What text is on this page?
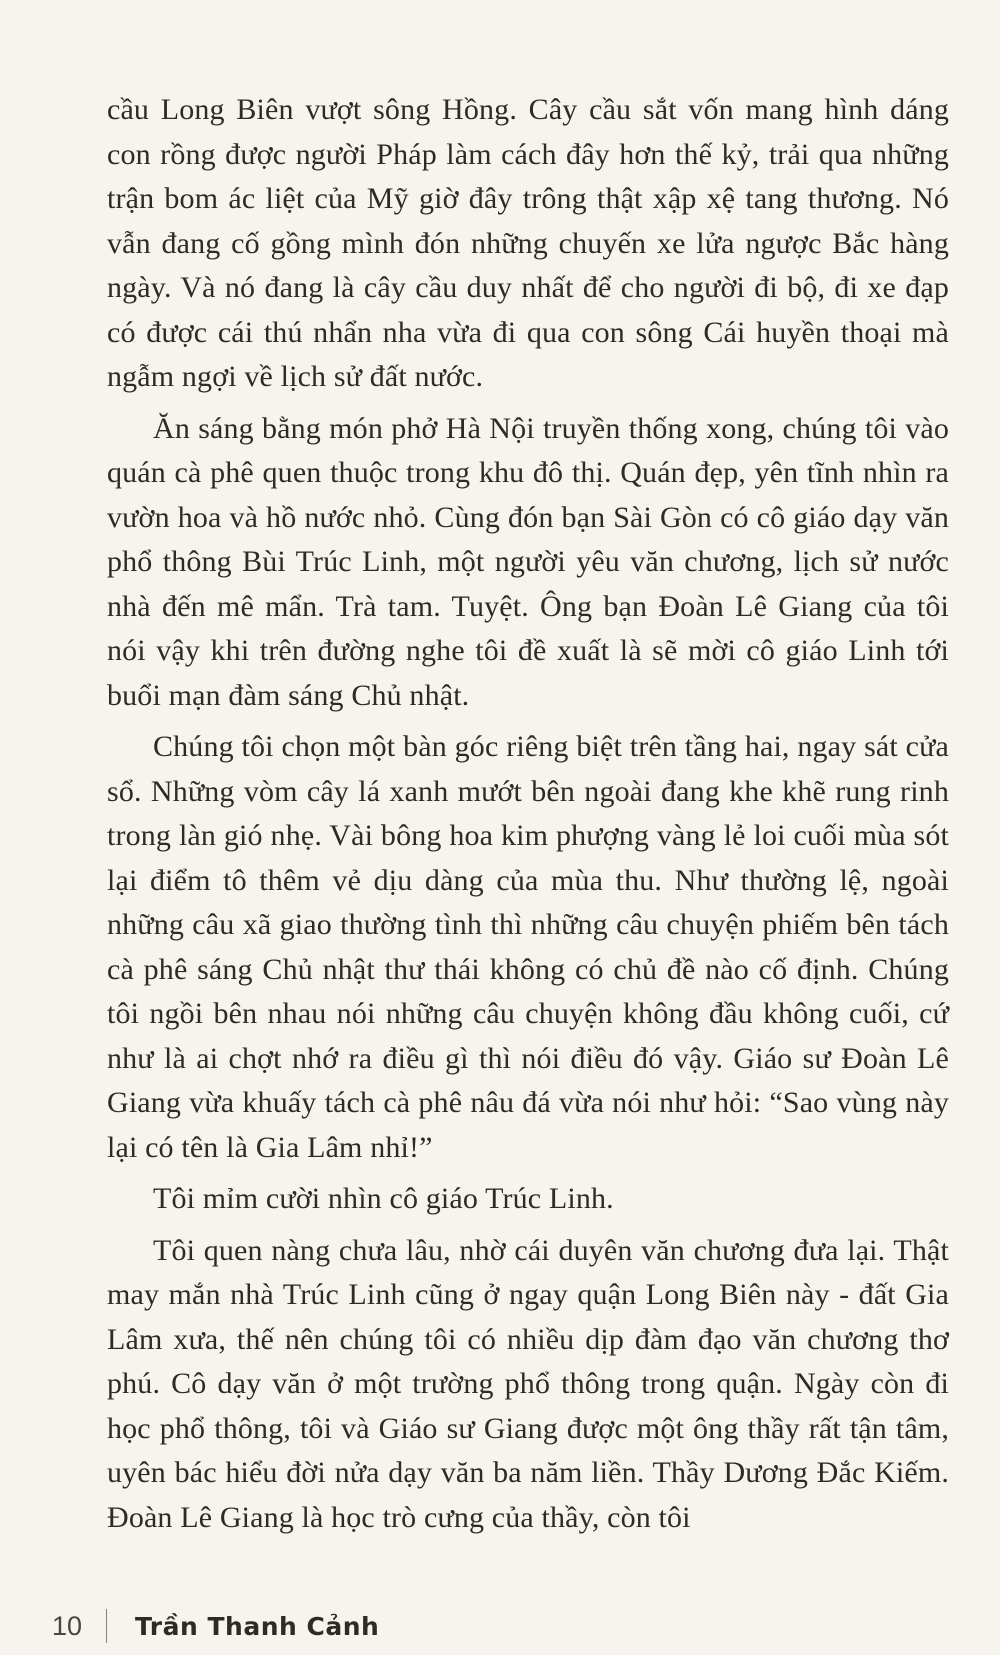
cầu Long Biên vượt sông Hồng. Cây cầu sắt vốn mang hình dáng con rồng được người Pháp làm cách đây hơn thế kỷ, trải qua những trận bom ác liệt của Mỹ giờ đây trông thật xập xệ tang thương. Nó vẫn đang cố gồng mình đón những chuyến xe lửa ngược Bắc hàng ngày. Và nó đang là cây cầu duy nhất để cho người đi bộ, đi xe đạp có được cái thú nhẩn nha vừa đi qua con sông Cái huyền thoại mà ngẫm ngợi về lịch sử đất nước.

Ăn sáng bằng món phở Hà Nội truyền thống xong, chúng tôi vào quán cà phê quen thuộc trong khu đô thị. Quán đẹp, yên tĩnh nhìn ra vườn hoa và hồ nước nhỏ. Cùng đón bạn Sài Gòn có cô giáo dạy văn phổ thông Bùi Trúc Linh, một người yêu văn chương, lịch sử nước nhà đến mê mẩn. Trà tam. Tuyệt. Ông bạn Đoàn Lê Giang của tôi nói vậy khi trên đường nghe tôi đề xuất là sẽ mời cô giáo Linh tới buổi mạn đàm sáng Chủ nhật.

Chúng tôi chọn một bàn góc riêng biệt trên tầng hai, ngay sát cửa sổ. Những vòm cây lá xanh mướt bên ngoài đang khe khẽ rung rinh trong làn gió nhẹ. Vài bông hoa kim phượng vàng lẻ loi cuối mùa sót lại điểm tô thêm vẻ dịu dàng của mùa thu. Như thường lệ, ngoài những câu xã giao thường tình thì những câu chuyện phiếm bên tách cà phê sáng Chủ nhật thư thái không có chủ đề nào cố định. Chúng tôi ngồi bên nhau nói những câu chuyện không đầu không cuối, cứ như là ai chợt nhớ ra điều gì thì nói điều đó vậy. Giáo sư Đoàn Lê Giang vừa khuấy tách cà phê nâu đá vừa nói như hỏi: “Sao vùng này lại có tên là Gia Lâm nhỉ!”

Tôi mỉm cười nhìn cô giáo Trúc Linh.

Tôi quen nàng chưa lâu, nhờ cái duyên văn chương đưa lại. Thật may mắn nhà Trúc Linh cũng ở ngay quận Long Biên này - đất Gia Lâm xưa, thế nên chúng tôi có nhiều dịp đàm đạo văn chương thơ phú. Cô dạy văn ở một trường phổ thông trong quận. Ngày còn đi học phổ thông, tôi và Giáo sư Giang được một ông thầy rất tận tâm, uyên bác hiểu đời nửa dạy văn ba năm liền. Thầy Dương Đắc Kiếm. Đoàn Lê Giang là học trò cưng của thầy, còn tôi

10	Trần Thanh Cảnh
